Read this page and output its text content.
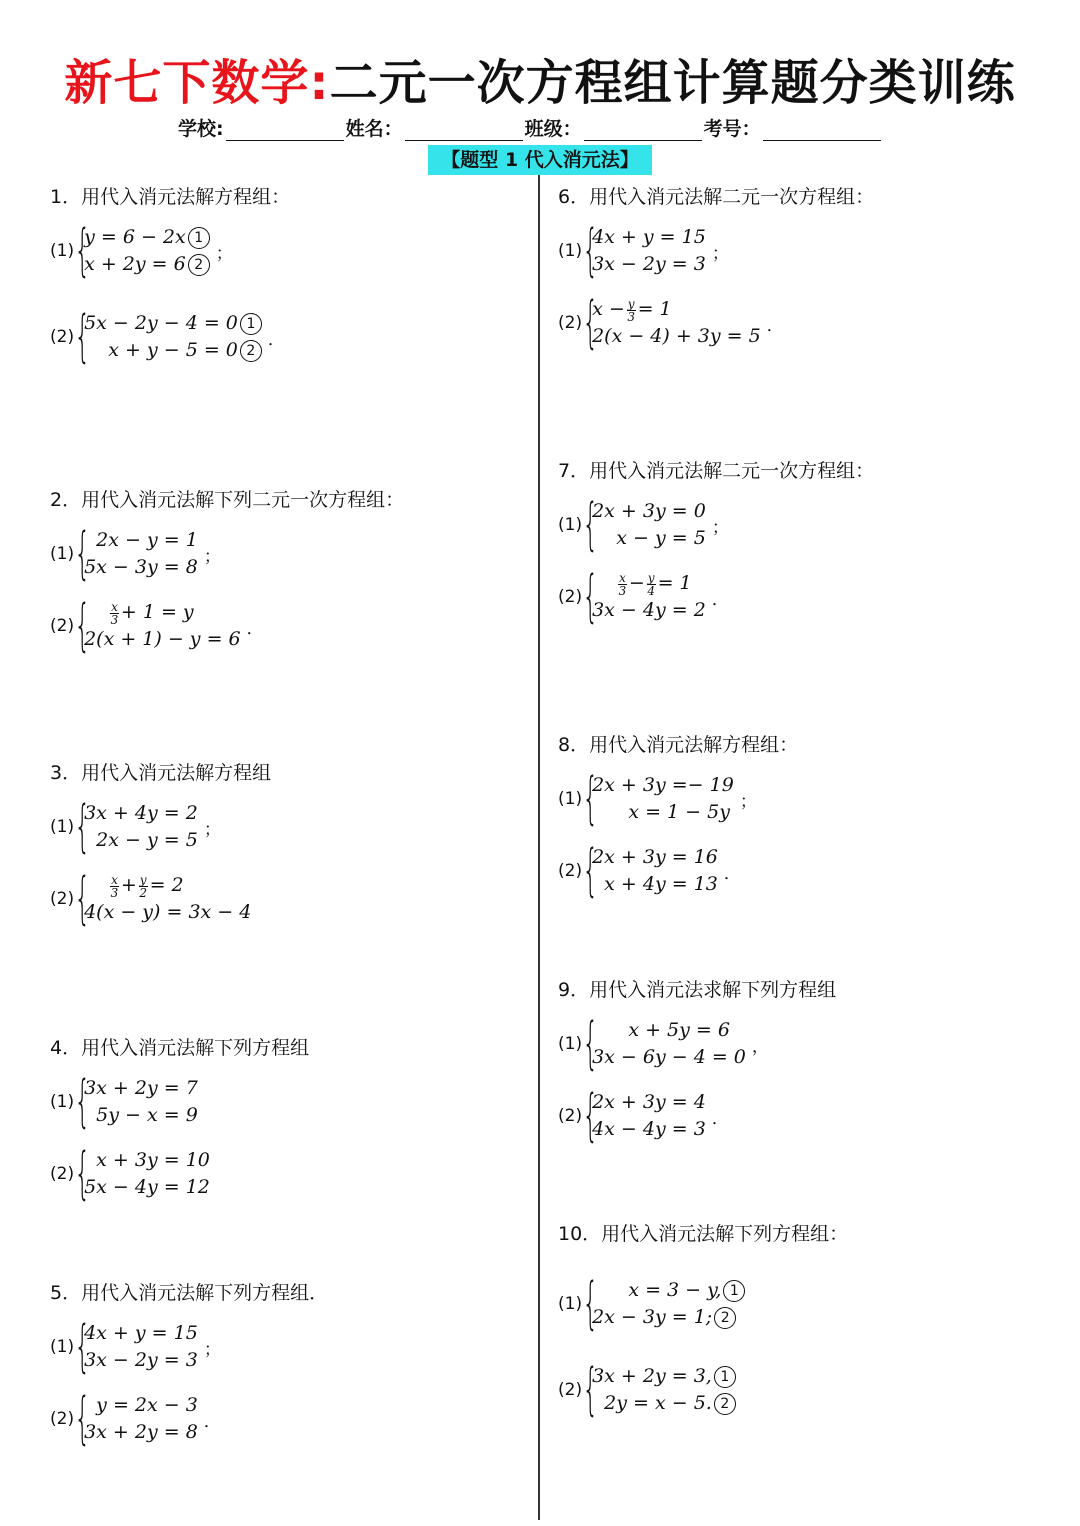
新七下数学:二元一次方程组计算题分类训练
学校:	姓名：	班级：	考号：
【题型 1 代入消元法】
1．用代入消元法解方程组：
(1) {
y = 6 − 2x 1
x + 2y = 6 2
；
(2) {
5x − 2y − 4 = 0 1
x + y − 5 = 0 2
．
2．用代入消元法解下列二元一次方程组：
(1) {
2x − y = 1
5x − 3y = 8 ；
(2) { $\frac{x}{3} + 1 = y$
2(x + 1) − y = 6 ．
3．用代入消元法解方程组
(1) {
3x + 4y = 2
2x − y = 5 ；
(2) { $\frac{x}{3} + \frac{y}{2} = 2$
4(x − y) = 3x − 4
4．用代入消元法解下列方程组
(1) {
3x + 2y = 7
5y − x = 9
(2) {
x + 3y = 10
5x − 4y = 12
5．用代入消元法解下列方程组．
(1) {
4x + y = 15
3x − 2y = 3 ；
(2) {
y = 2x − 3
3x + 2y = 8 ．
6．用代入消元法解二元一次方程组：
(1) {
4x + y = 15
3x − 2y = 3 ；
(2) {
$x - \frac{y}{3} = 1$
2(x − 4) + 3y = 5 ．
7．用代入消元法解二元一次方程组：
(1) {
2x + 3y = 0
x − y = 5 ；
(2) { $\frac{x}{3} - \frac{y}{4} = 1$
3x − 4y = 2 ．
8．用代入消元法解方程组：
(1) {
2x + 3y =− 19
x = 1 − 5y ；
(2) {
2x + 3y = 16
x + 4y = 13 ．
9．用代入消元法求解下列方程组
(1) {
x + 5y = 6
3x − 6y − 4 = 0 ，
(2) {
2x + 3y = 4
4x − 4y = 3 ．
10．用代入消元法解下列方程组：
(1) {
x = 3 − y, 1
2x − 3y = 1; 2
(2) {
3x + 2y = 3, 1
2y = x − 5. 2
